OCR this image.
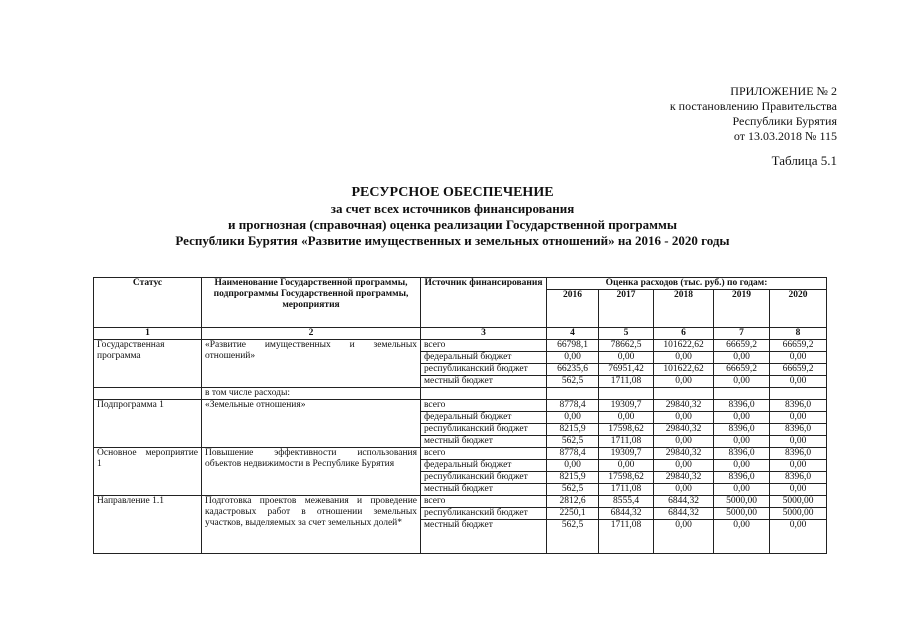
ПРИЛОЖЕНИЕ № 2
к постановлению Правительства
Республики Бурятия
от 13.03.2018 № 115
Таблица 5.1
РЕСУРСНОЕ ОБЕСПЕЧЕНИЕ
за счет всех источников финансирования
и прогнозная (справочная) оценка реализации Государственной программы
Республики Бурятия «Развитие имущественных и земельных отношений» на 2016 - 2020 годы
Статус	Наименование Государственной программы, подпрограммы Государственной программы, мероприятия	Источник финансирования	Оценка расходов (тыс. руб.) по годам:				
			2016	2017	2018	2019	2020
1	2	3	4	5	6	7	8
Государственная программа	«Развитие имущественных и земельных отношений»	всего	66798,1	78662,5	101622,62	66659,2	66659,2
		федеральный бюджет	0,00	0,00	0,00	0,00	0,00
		республиканский бюджет	66235,6	76951,42	101622,62	66659,2	66659,2
		местный бюджет	562,5	1711,08	0,00	0,00	0,00
	в том числе расходы:						
Подпрограмма 1	«Земельные отношения»	всего	8778,4	19309,7	29840,32	8396,0	8396,0
		федеральный бюджет	0,00	0,00	0,00	0,00	0,00
		республиканский бюджет	8215,9	17598,62	29840,32	8396,0	8396,0
		местный бюджет	562,5	1711,08	0,00	0,00	0,00
Основное мероприятие 1	Повышение эффективности использования объектов недвижимости в Республике Бурятия	всего	8778,4	19309,7	29840,32	8396,0	8396,0
		федеральный бюджет	0,00	0,00	0,00	0,00	0,00
		республиканский бюджет	8215,9	17598,62	29840,32	8396,0	8396,0
		местный бюджет	562,5	1711,08	0,00	0,00	0,00
Направление 1.1	Подготовка проектов межевания и проведение кадастровых работ в отношении земельных участков, выделяемых за счет земельных долей*	всего	2812,6	8555,4	6844,32	5000,00	5000,00
		республиканский бюджет	2250,1	6844,32	6844,32	5000,00	5000,00
		местный бюджет	562,5	1711,08	0,00	0,00	0,00
